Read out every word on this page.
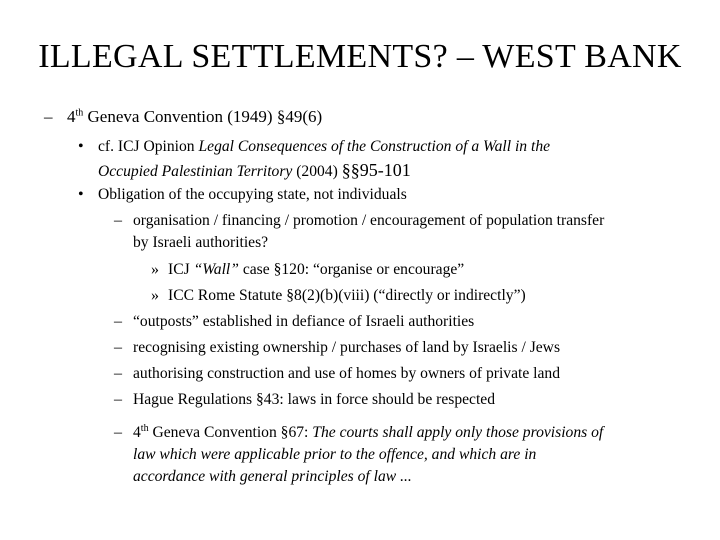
ILLEGAL SETTLEMENTS? – WEST BANK
– 4th Geneva Convention (1949) §49(6)
• cf. ICJ Opinion Legal Consequences of the Construction of a Wall in the
Occupied Palestinian Territory (2004) §§95-101
• Obligation of the occupying state, not individuals
– organisation / financing / promotion / encouragement of population transfer
by Israeli authorities?
» ICJ “Wall” case §120: “organise or encourage”
» ICC Rome Statute §8(2)(b)(viii) (“directly or indirectly”)
– “outposts” established in defiance of Israeli authorities
– recognising existing ownership / purchases of land by Israelis / Jews
– authorising construction and use of homes by owners of private land
– Hague Regulations §43: laws in force should be respected
– 4th Geneva Convention §67: The courts shall apply only those provisions of
law which were applicable prior to the offence, and which are in
accordance with general principles of law ...
